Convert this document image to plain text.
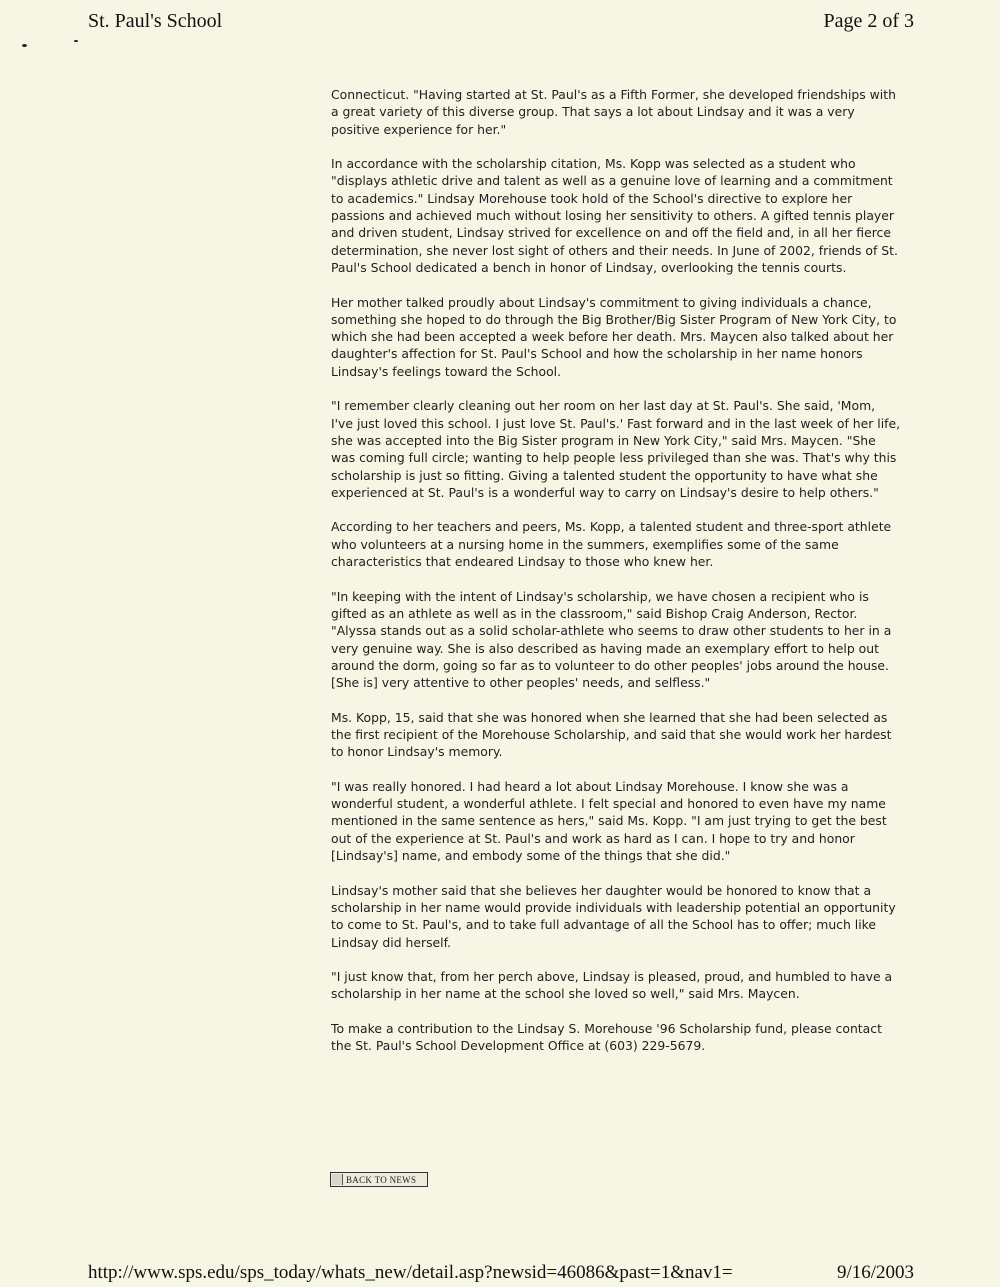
St. Paul's School	Page 2 of 3

Connecticut. "Having started at St. Paul's as a Fifth Former, she developed friendships with a great variety of this diverse group. That says a lot about Lindsay and it was a very positive experience for her."

In accordance with the scholarship citation, Ms. Kopp was selected as a student who "displays athletic drive and talent as well as a genuine love of learning and a commitment to academics." Lindsay Morehouse took hold of the School's directive to explore her passions and achieved much without losing her sensitivity to others. A gifted tennis player and driven student, Lindsay strived for excellence on and off the field and, in all her fierce determination, she never lost sight of others and their needs. In June of 2002, friends of St. Paul's School dedicated a bench in honor of Lindsay, overlooking the tennis courts.

Her mother talked proudly about Lindsay's commitment to giving individuals a chance, something she hoped to do through the Big Brother/Big Sister Program of New York City, to which she had been accepted a week before her death. Mrs. Maycen also talked about her daughter's affection for St. Paul's School and how the scholarship in her name honors Lindsay's feelings toward the School.

"I remember clearly cleaning out her room on her last day at St. Paul's. She said, 'Mom, I've just loved this school. I just love St. Paul's.' Fast forward and in the last week of her life, she was accepted into the Big Sister program in New York City," said Mrs. Maycen. "She was coming full circle; wanting to help people less privileged than she was. That's why this scholarship is just so fitting. Giving a talented student the opportunity to have what she experienced at St. Paul's is a wonderful way to carry on Lindsay's desire to help others."

According to her teachers and peers, Ms. Kopp, a talented student and three-sport athlete who volunteers at a nursing home in the summers, exemplifies some of the same characteristics that endeared Lindsay to those who knew her.

"In keeping with the intent of Lindsay's scholarship, we have chosen a recipient who is gifted as an athlete as well as in the classroom," said Bishop Craig Anderson, Rector. "Alyssa stands out as a solid scholar-athlete who seems to draw other students to her in a very genuine way. She is also described as having made an exemplary effort to help out around the dorm, going so far as to volunteer to do other peoples' jobs around the house. [She is] very attentive to other peoples' needs, and selfless."

Ms. Kopp, 15, said that she was honored when she learned that she had been selected as the first recipient of the Morehouse Scholarship, and said that she would work her hardest to honor Lindsay's memory.

"I was really honored. I had heard a lot about Lindsay Morehouse. I know she was a wonderful student, a wonderful athlete. I felt special and honored to even have my name mentioned in the same sentence as hers," said Ms. Kopp. "I am just trying to get the best out of the experience at St. Paul's and work as hard as I can. I hope to try and honor [Lindsay's] name, and embody some of the things that she did."

Lindsay's mother said that she believes her daughter would be honored to know that a scholarship in her name would provide individuals with leadership potential an opportunity to come to St. Paul's, and to take full advantage of all the School has to offer; much like Lindsay did herself.

"I just know that, from her perch above, Lindsay is pleased, proud, and humbled to have a scholarship in her name at the school she loved so well," said Mrs. Maycen.

To make a contribution to the Lindsay S. Morehouse '96 Scholarship fund, please contact the St. Paul's School Development Office at (603) 229-5679.

BACK TO NEWS
http://www.sps.edu/sps_today/whats_new/detail.asp?newsid=46086&past=1&nav1=	9/16/2003
